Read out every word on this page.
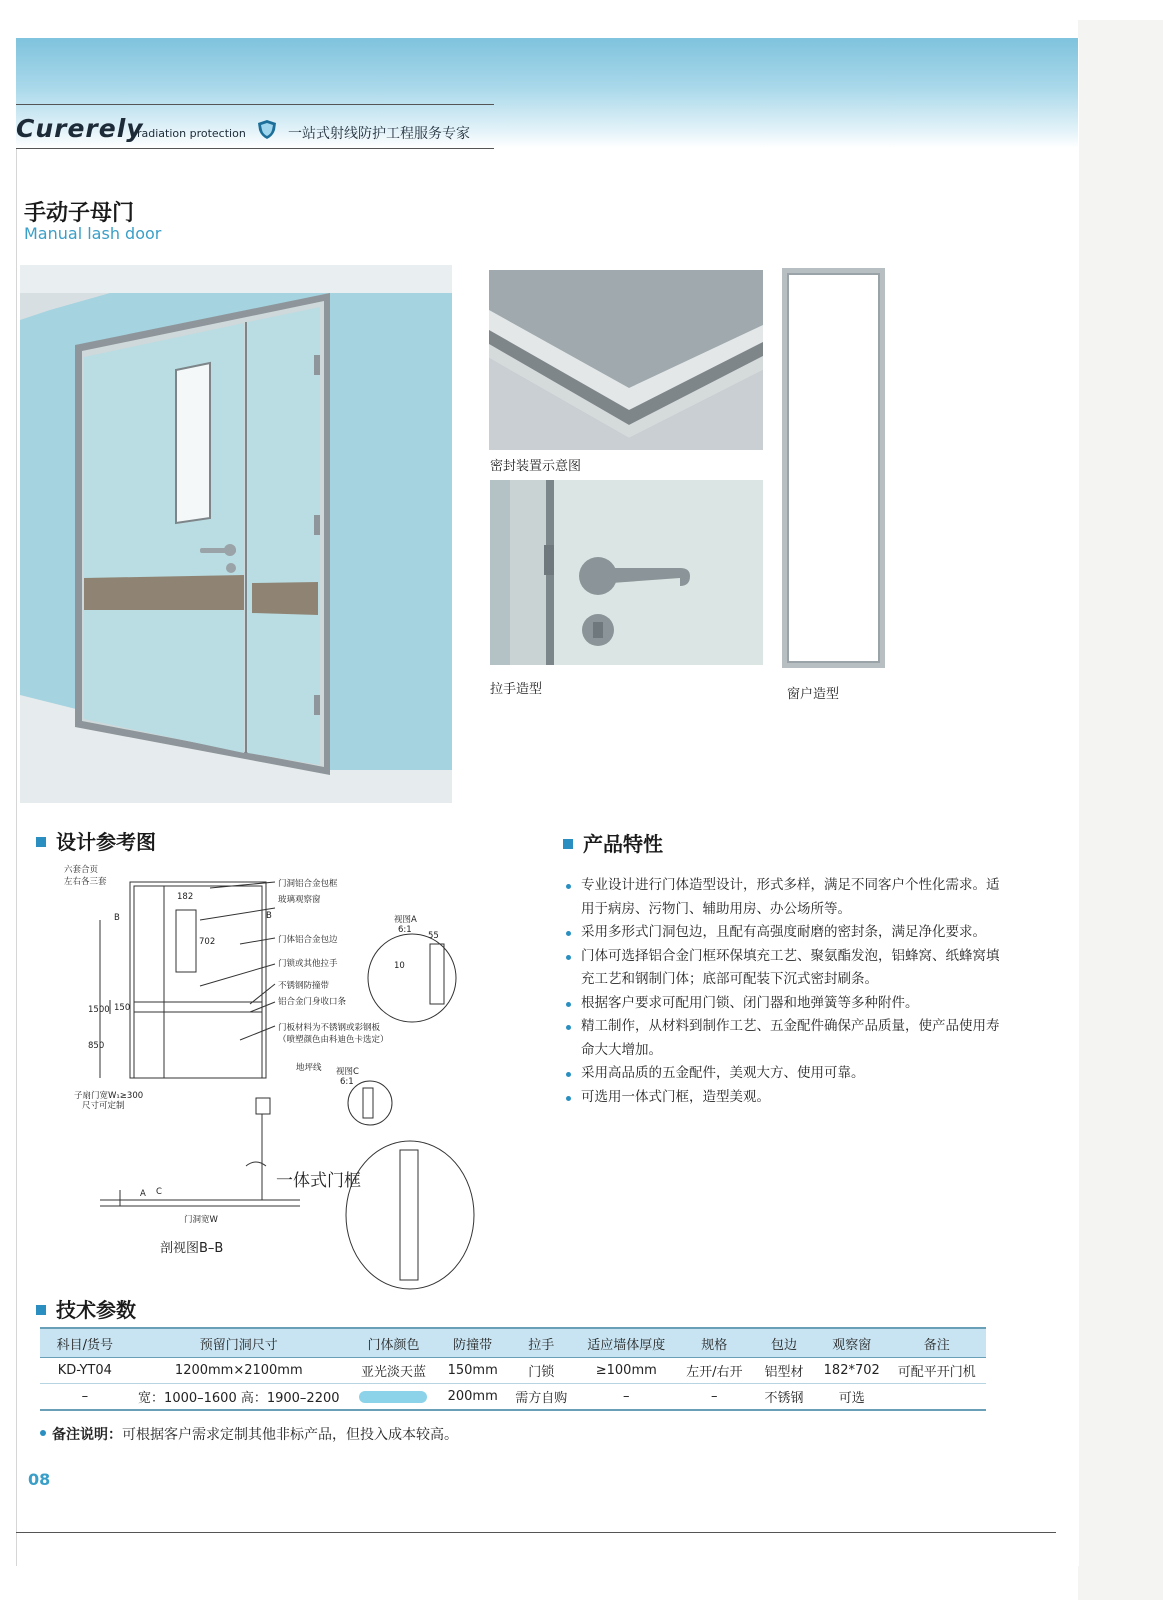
Curerely
radiation protection	一站式射线防护工程服务专家
手动子母门
Manual lash door
密封装置示意图
拉手造型	窗户造型
设计参考图	产品特性
技术参数
六套合页
左右各三套	门洞铝合金包框
玻璃观察窗
门体铝合金包边
门锁或其他拉手
不锈钢防撞带
铝合金门身收口条
门板材料为不锈钢或彩钢板
（喷塑颜色由科迪色卡选定）
182
702
1500 150
850
B	B	视图A
6:1
55
10
地坪线 视图C
6:1
子扇门宽W₁≥300
尺寸可定制
A C
一体式门框
门洞宽W
剖视图B–B
专业设计进行门体造型设计，形式多样，满足不同客户个性化需求。适用于病房、污物门、辅助用房、办公场所等。
采用多形式门洞包边，且配有高强度耐磨的密封条，满足净化要求。
门体可选择铝合金门框环保填充工艺、聚氨酯发泡，铝蜂窝、纸蜂窝填充工艺和钢制门体；底部可配装下沉式密封刷条。
根据客户要求可配用门锁、闭门器和地弹簧等多种附件。
精工制作，从材料到制作工艺、五金配件确保产品质量，使产品使用寿命大大增加。
采用高品质的五金配件，美观大方、使用可靠。
可选用一体式门框，造型美观。
科目/货号	预留门洞尺寸	门体颜色	防撞带	拉手	适应墙体厚度	规格	包边	观察窗	备注
KD-YT04	1200mm×2100mm	亚光淡天蓝	150mm	门锁	≥100mm	左开/右开	铝型材	182*702	可配平开门机
–	宽：1000–1600 高：1900–2200		200mm	需方自购	–	–	不锈钢	可选	
备注说明：可根据客户需求定制其他非标产品，但投入成本较高。
08
